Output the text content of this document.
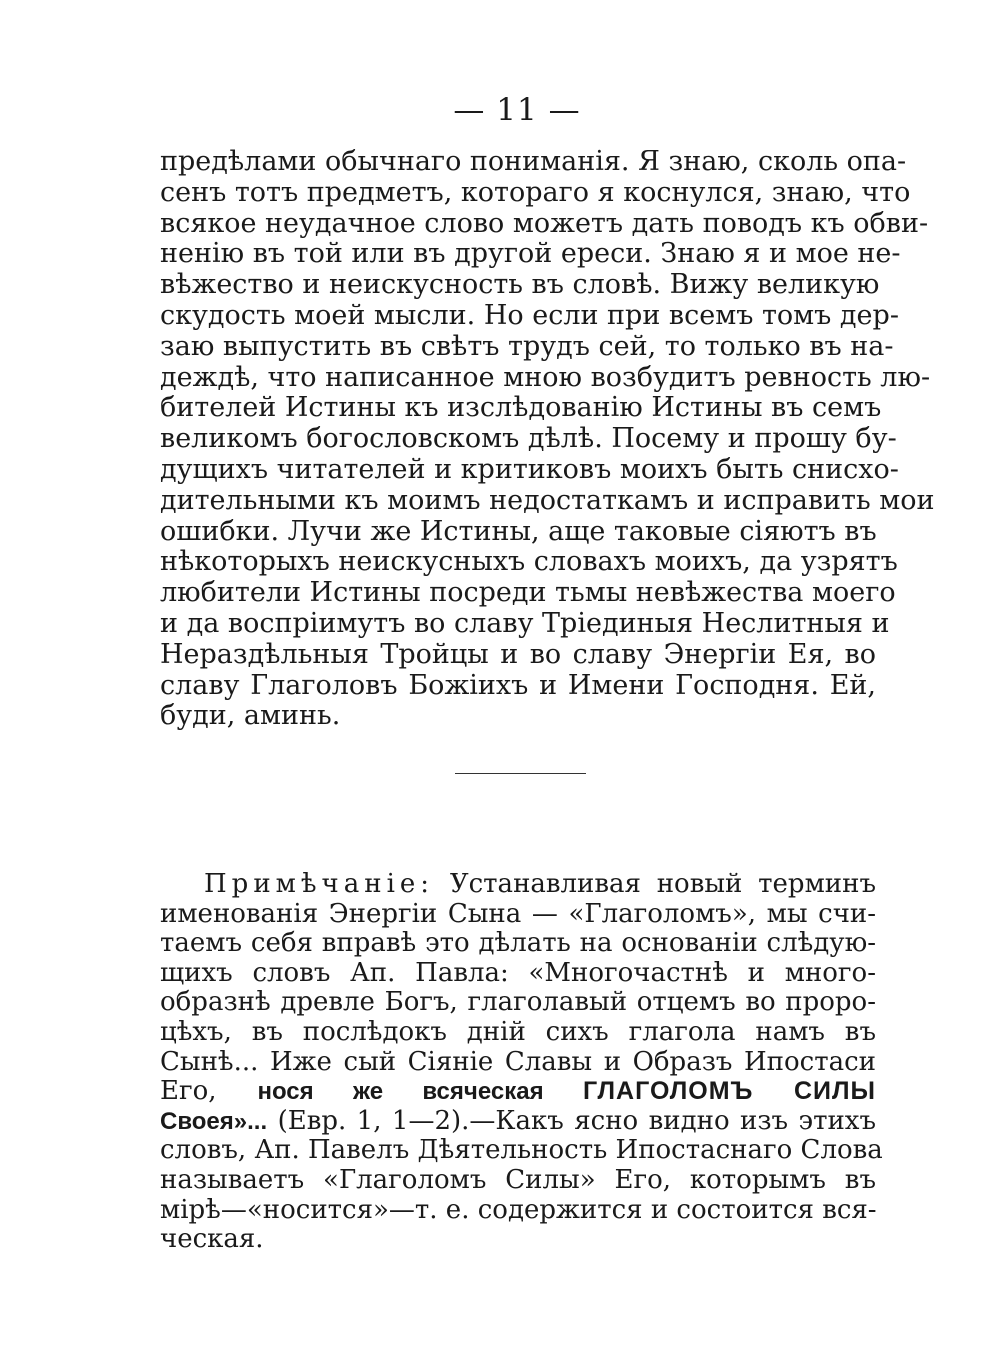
— 11 —
предѣлами обычнаго пониманія. Я знаю, сколь опа-
сенъ тотъ предметъ, котораго я коснулся, знаю, что
всякое неудачное слово можетъ дать поводъ къ обви-
ненію въ той или въ другой ереси. Знаю я и мое не-
вѣжество и неискусность въ словѣ. Вижу великую
скудость моей мысли. Но если при всемъ томъ дер-
заю выпустить въ свѣтъ трудъ сей, то только въ на-
деждѣ, что написанное мною возбудитъ ревность лю-
бителей Истины къ изслѣдованію Истины въ семъ
великомъ богословскомъ дѣлѣ. Посему и прошу бу-
дущихъ читателей и критиковъ моихъ быть снисхо-
дительными къ моимъ недостаткамъ и исправить мои
ошибки. Лучи же Истины, аще таковые сіяютъ въ
нѣкоторыхъ неискусныхъ словахъ моихъ, да узрятъ
любители Истины посреди тьмы невѣжества моего
и да воспріимутъ во славу Тріединыя Неслитныя и
Нераздѣльныя Тройцы и во славу Энергіи Ея, во
славу Глаголовъ Божіихъ и Имени Господня. Ей,
буди, аминь.
Примѣчаніе: Устанавливая новый терминъ
именованія Энергіи Сына — «Глаголомъ», мы счи-
таемъ себя вправѣ это дѣлать на основаніи слѣдую-
щихъ словъ Ап. Павла: «Многочастнѣ и много-
образнѣ древле Богъ, глаголавый отцемъ во проро-
цѣхъ, въ послѣдокъ дній сихъ глагола намъ въ
Сынѣ... Иже сый Сіяніе Славы и Образъ Ипостаси
Его, нося же всяческая ГЛАГОЛОМЪ СИЛЫ
Своея»... (Евр. 1, 1—2).—Какъ ясно видно изъ этихъ
словъ, Ап. Павелъ Дѣятельность Ипостаснаго Слова
называетъ «Глаголомъ Силы» Его, которымъ въ
мірѣ—«носится»—т. е. содержится и состоится вся-
ческая.
